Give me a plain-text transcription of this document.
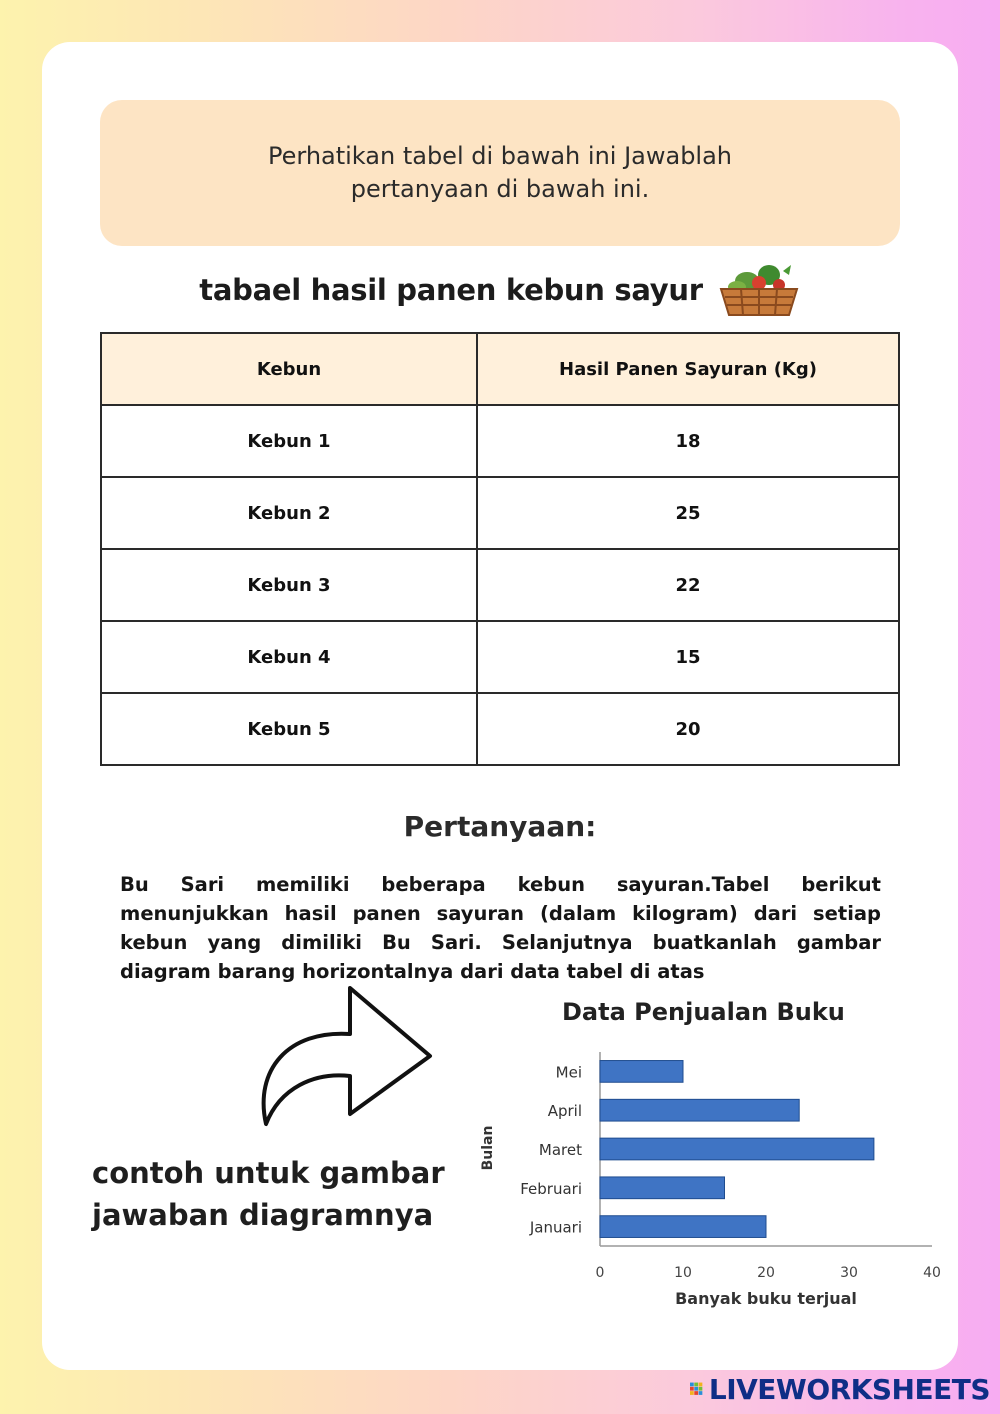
Perhatikan tabel di bawah ini Jawablah
pertanyaan di bawah ini.
tabael hasil panen kebun sayur
Kebun	Hasil Panen Sayuran (Kg)
Kebun 1	18
Kebun 2	25
Kebun 3	22
Kebun 4	15
Kebun 5	20
Pertanyaan:
Bu Sari memiliki beberapa kebun sayuran.Tabel berikut menunjukkan hasil panen sayuran (dalam kilogram) dari setiap kebun yang dimiliki Bu Sari. Selanjutnya buatkanlah gambar diagram barang horizontalnya dari data tabel di atas
contoh untuk gambar
jawaban diagramnya
Data Penjualan Buku
Mei
April
Maret
Februari
Januari
0	10	20	30	40
Bulan
Banyak buku terjual
LIVEWORKSHEETS
